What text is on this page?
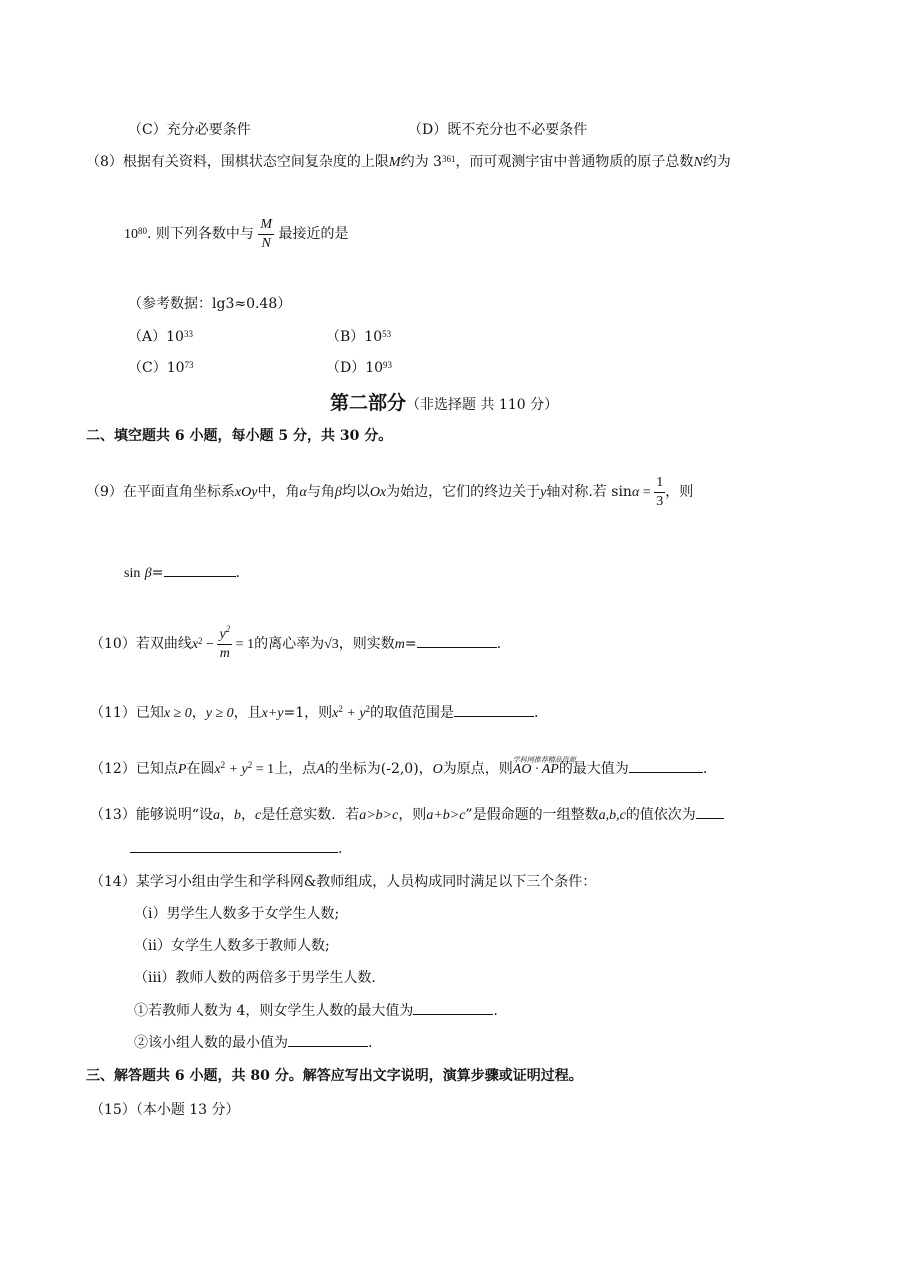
（C）充分必要条件	（D）既不充分也不必要条件
（8）根据有关资料，围棋状态空间复杂度的上限M约为 $3^{361}$，而可观测宇宙中普通物质的原子总数N约为
$10^{80}$. 则下列各数中与 $\frac{M}{N}$ 最接近的是
（参考数据：lg3≈0.48）
$(A)10^{33}$	$(B)10^{53}$
$(C)10^{73}$	$(D)10^{93}$
第二部分（非选择题 共 110 分）
二、填空题共 6 小题，每小题 5 分，共 30 分。
（9）在平面直角坐标系xOy中，角α与角β均以Ox为始边，它们的终边关于y轴对称.若 $\sin\alpha = \frac{1}{3}$ ，则
sin β=	.
（10）若双曲线$x^2 - \frac{y^2}{m} = 1$的离心率为√3，则实数m=	.
（11）已知x ≥ 0，y ≥ 0，且x+y=1，则$x^2 + y^2$的取值范围是	.
（12）已知点P在圆$x^2 + y^2 = 1$上，点A的坐标为(-2,0)，O为原点，则
学科网推荐精品资源
AO · AP的最大值为	.
（13）能够说明“设a，b，c是任意实数．若a>b>c，则a+b>c”是假命题的一组整数a,b,c的值依次为
.
（14）某学习小组由学生和学科网&教师组成，人员构成同时满足以下三个条件：
（ⅰ）男学生人数多于女学生人数;
（ⅱ）女学生人数多于教师人数;
（ⅲ）教师人数的两倍多于男学生人数.
①若教师人数为 4，则女学生人数的最大值为	.
②该小组人数的最小值为	.
三、解答题共 6 小题，共 80 分。解答应写出文字说明，演算步骤或证明过程。
（15）（本小题 13 分）
